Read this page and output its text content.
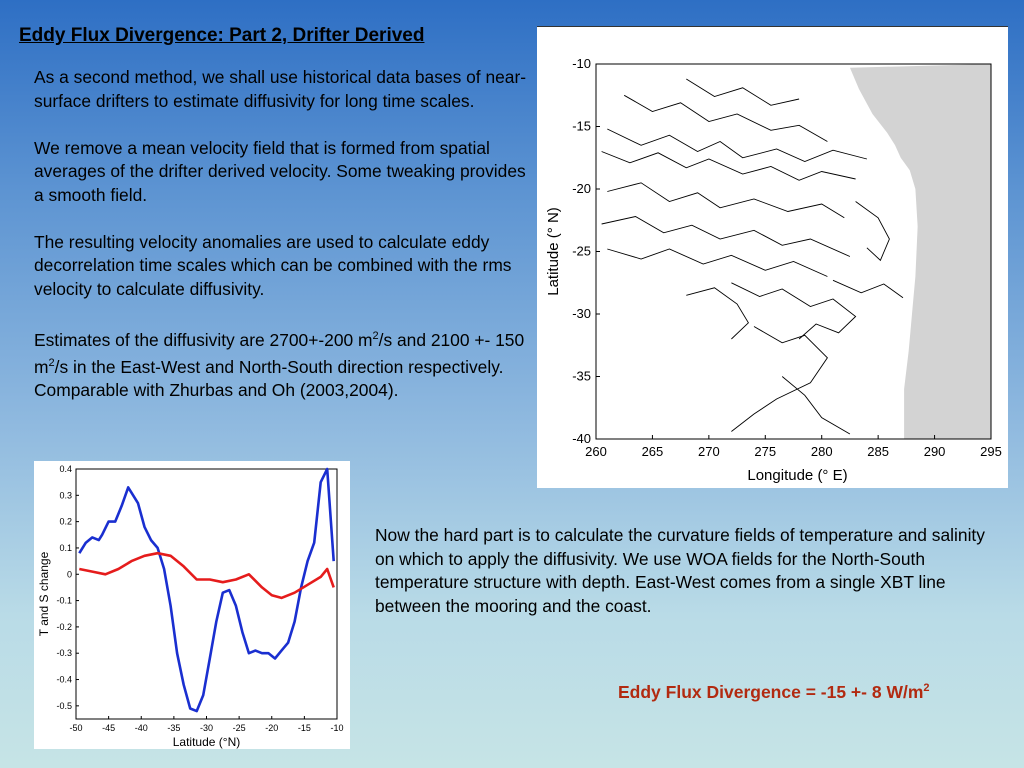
Eddy Flux Divergence: Part 2, Drifter Derived

As a second method, we shall use historical data bases of near-surface drifters to estimate diffusivity for long time scales.

We remove a mean velocity field that is formed from spatial averages of the drifter derived velocity. Some tweaking provides a smooth field.

The resulting velocity anomalies are used to calculate eddy decorrelation time scales which can be combined with the rms velocity to calculate diffusivity.

Estimates of the diffusivity are 2700+-200 $m^2/s$ and 2100 +- 150 $m^2/s$ in the East-West and North-South direction respectively. Comparable with Zhurbas and Oh (2003,2004).

Now the hard part is to calculate the curvature fields of temperature and salinity on which to apply the diffusivity. We use WOA fields for the North-South temperature structure with depth. East-West comes from a single XBT line between the mooring and the coast.
Eddy Flux Divergence = -15 +- 8 $W/m^2$
260	265	270	275	280	285	290	295
-10
-15
-20
-25
-30
-35
-40
Longitude (° E)
Latitude (° N)
-50 -45 -40 -35 -30 -25 -20 -15 -10
0.4
0.3
0.2
0.1
0
-0.1
-0.2
-0.3
-0.4
-0.5
Latitude (°N)
T and S change
